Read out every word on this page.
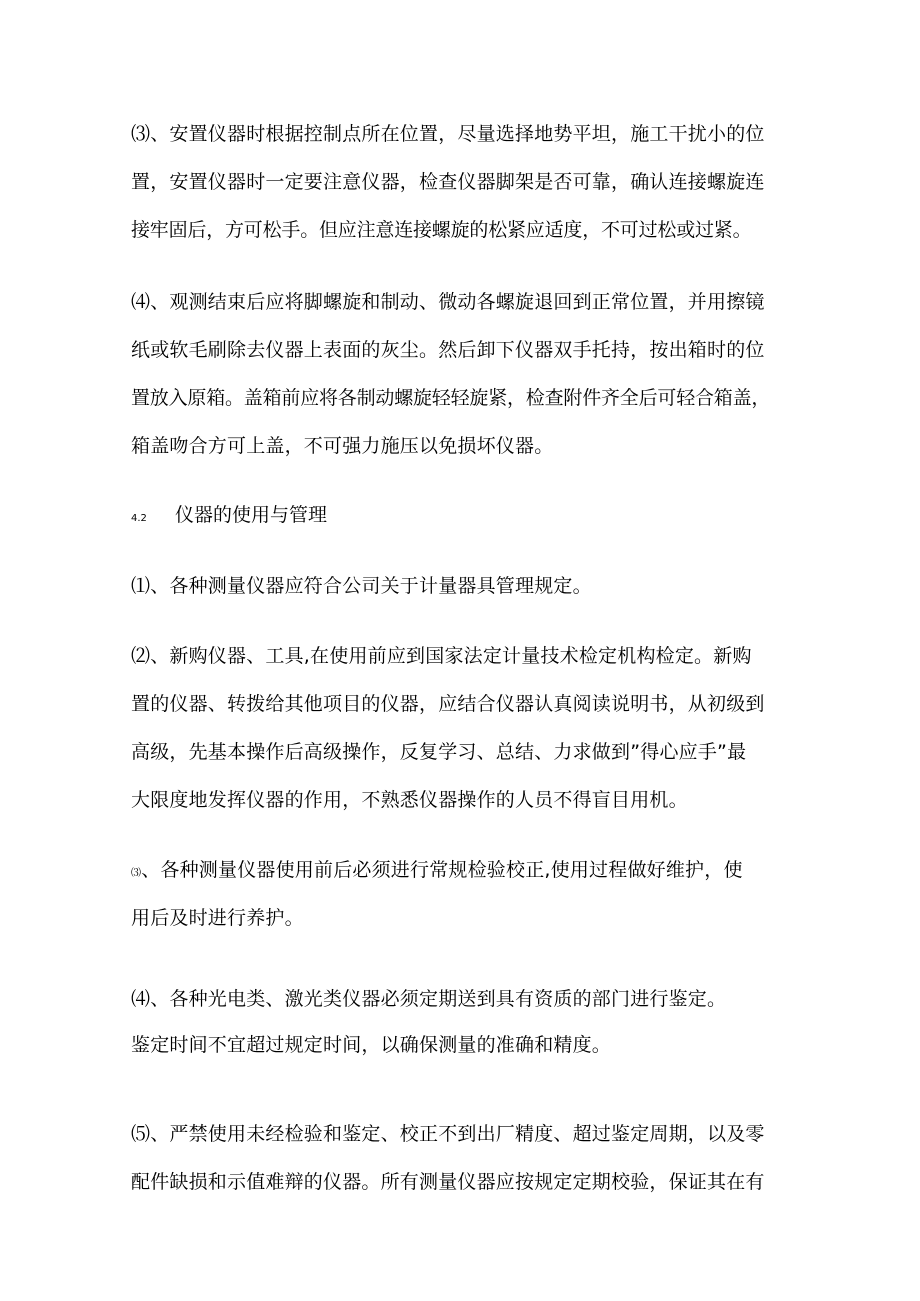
⑶、安置仪器时根据控制点所在位置，尽量选择地势平坦，施工干扰小的位
置，安置仪器时一定要注意仪器，检查仪器脚架是否可靠，确认连接螺旋连
接牢固后，方可松手。但应注意连接螺旋的松紧应适度，不可过松或过紧。
⑷、观测结束后应将脚螺旋和制动、微动各螺旋退回到正常位置，并用擦镜
纸或软毛刷除去仪器上表面的灰尘。然后卸下仪器双手托持，按出箱时的位
置放入原箱。盖箱前应将各制动螺旋轻轻旋紧，检查附件齐全后可轻合箱盖，
箱盖吻合方可上盖，不可强力施压以免损坏仪器。
4.2 仪器的使用与管理
⑴、各种测量仪器应符合公司关于计量器具管理规定。
⑵、新购仪器、工具,在使用前应到国家法定计量技术检定机构检定。新购
置的仪器、转拨给其他项目的仪器，应结合仪器认真阅读说明书，从初级到
高级，先基本操作后高级操作，反复学习、总结、力求做到”得心应手”最
大限度地发挥仪器的作用，不熟悉仪器操作的人员不得盲目用机。
⑶、各种测量仪器使用前后必须进行常规检验校正,使用过程做好维护，使
用后及时进行养护。
⑷、各种光电类、激光类仪器必须定期送到具有资质的部门进行鉴定。
鉴定时间不宜超过规定时间，以确保测量的准确和精度。
⑸、严禁使用未经检验和鉴定、校正不到出厂精度、超过鉴定周期，以及零
配件缺损和示值难辩的仪器。所有测量仪器应按规定定期校验，保证其在有
